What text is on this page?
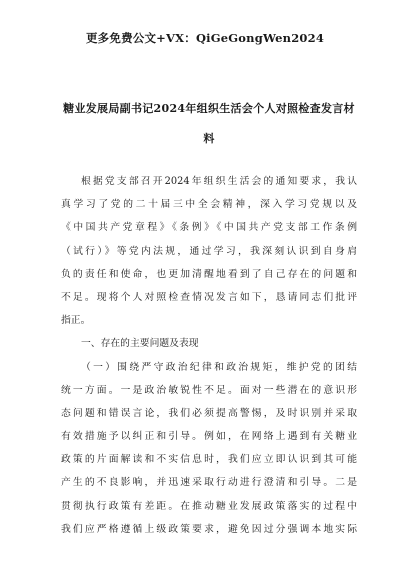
更多免费公文+VX：QiGeGongWen2024
糖业发展局副书记2024年组织生活会个人对照检查发言材
料
根据党支部召开2024年组织生活会的通知要求，我认
真学习了党的二十届三中全会精神，深入学习党规以及
《中国共产党章程》《条例》《中国共产党支部工作条例
（试行）》等党内法规，通过学习，我深刻认识到自身肩
负的责任和使命，也更加清醒地看到了自己存在的问题和
不足。现将个人对照检查情况发言如下，恳请同志们批评
指正。
一、存在的主要问题及表现
（一）围绕严守政治纪律和政治规矩，维护党的团结
统一方面。一是政治敏锐性不足。面对一些潜在的意识形
态问题和错误言论，我们必须提高警惕，及时识别并采取
有效措施予以纠正和引导。例如，在网络上遇到有关糖业
政策的片面解读和不实信息时，我们应立即认识到其可能
产生的不良影响，并迅速采取行动进行澄清和引导。二是
贯彻执行政策有差距。在推动糖业发展政策落实的过程中
我们应严格遵循上级政策要求，避免因过分强调本地实际
